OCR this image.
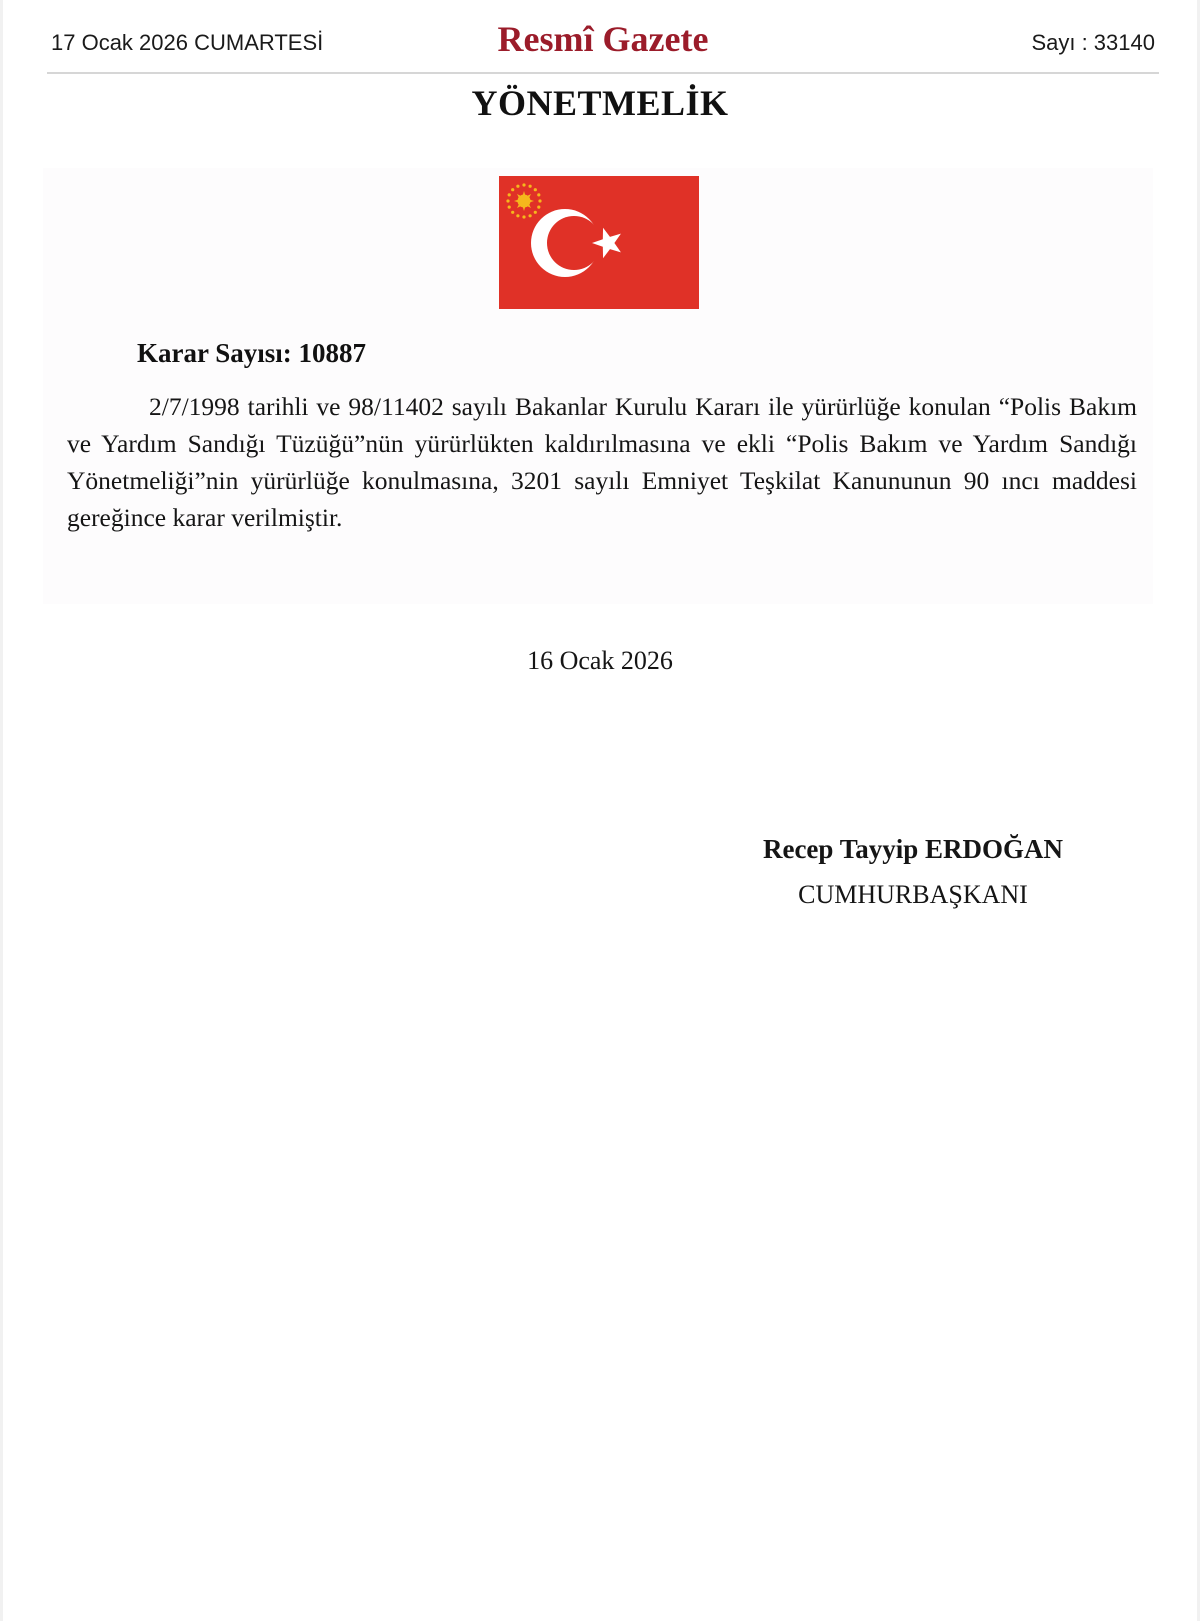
17 Ocak 2026 CUMARTESİ	Resmî Gazete	Sayı : 33140
YÖNETMELİK
Karar Sayısı: 10887

2/7/1998 tarihli ve 98/11402 sayılı Bakanlar Kurulu Kararı ile yürürlüğe konulan “Polis Bakım ve Yardım Sandığı Tüzüğü”nün yürürlükten kaldırılmasına ve ekli “Polis Bakım ve Yardım Sandığı Yönetmeliği”nin yürürlüğe konulmasına, 3201 sayılı Emniyet Teşkilat Kanununun 90 ıncı maddesi gereğince karar verilmiştir.

16 Ocak 2026
Recep Tayyip ERDOĞAN
CUMHURBAŞKANI
